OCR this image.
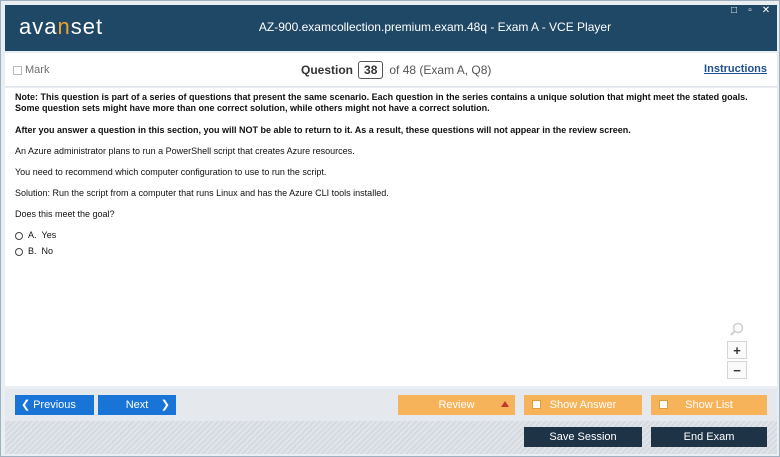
avanset	AZ-900.examcollection.premium.exam.48q - Exam A - VCE Player
□	▫	✕
Mark	Question 38	of 48 (Exam A, Q8)	Instructions

Note: This question is part of a series of questions that present the same scenario. Each question in the series contains a unique solution that might meet the stated goals. Some question sets might have more than one correct solution, while others might not have a correct solution.

After you answer a question in this section, you will NOT be able to return to it. As a result, these questions will not appear in the review screen.

An Azure administrator plans to run a PowerShell script that creates Azure resources.

You need to recommend which computer configuration to use to run the script.

Solution: Run the script from a computer that runs Linux and has the Azure CLI tools installed.

Does this meet the goal?

A. Yes
B. No
+
−
❮ Previous	Next ❯	Review	Show Answer	Show List
Save Session	End Exam
